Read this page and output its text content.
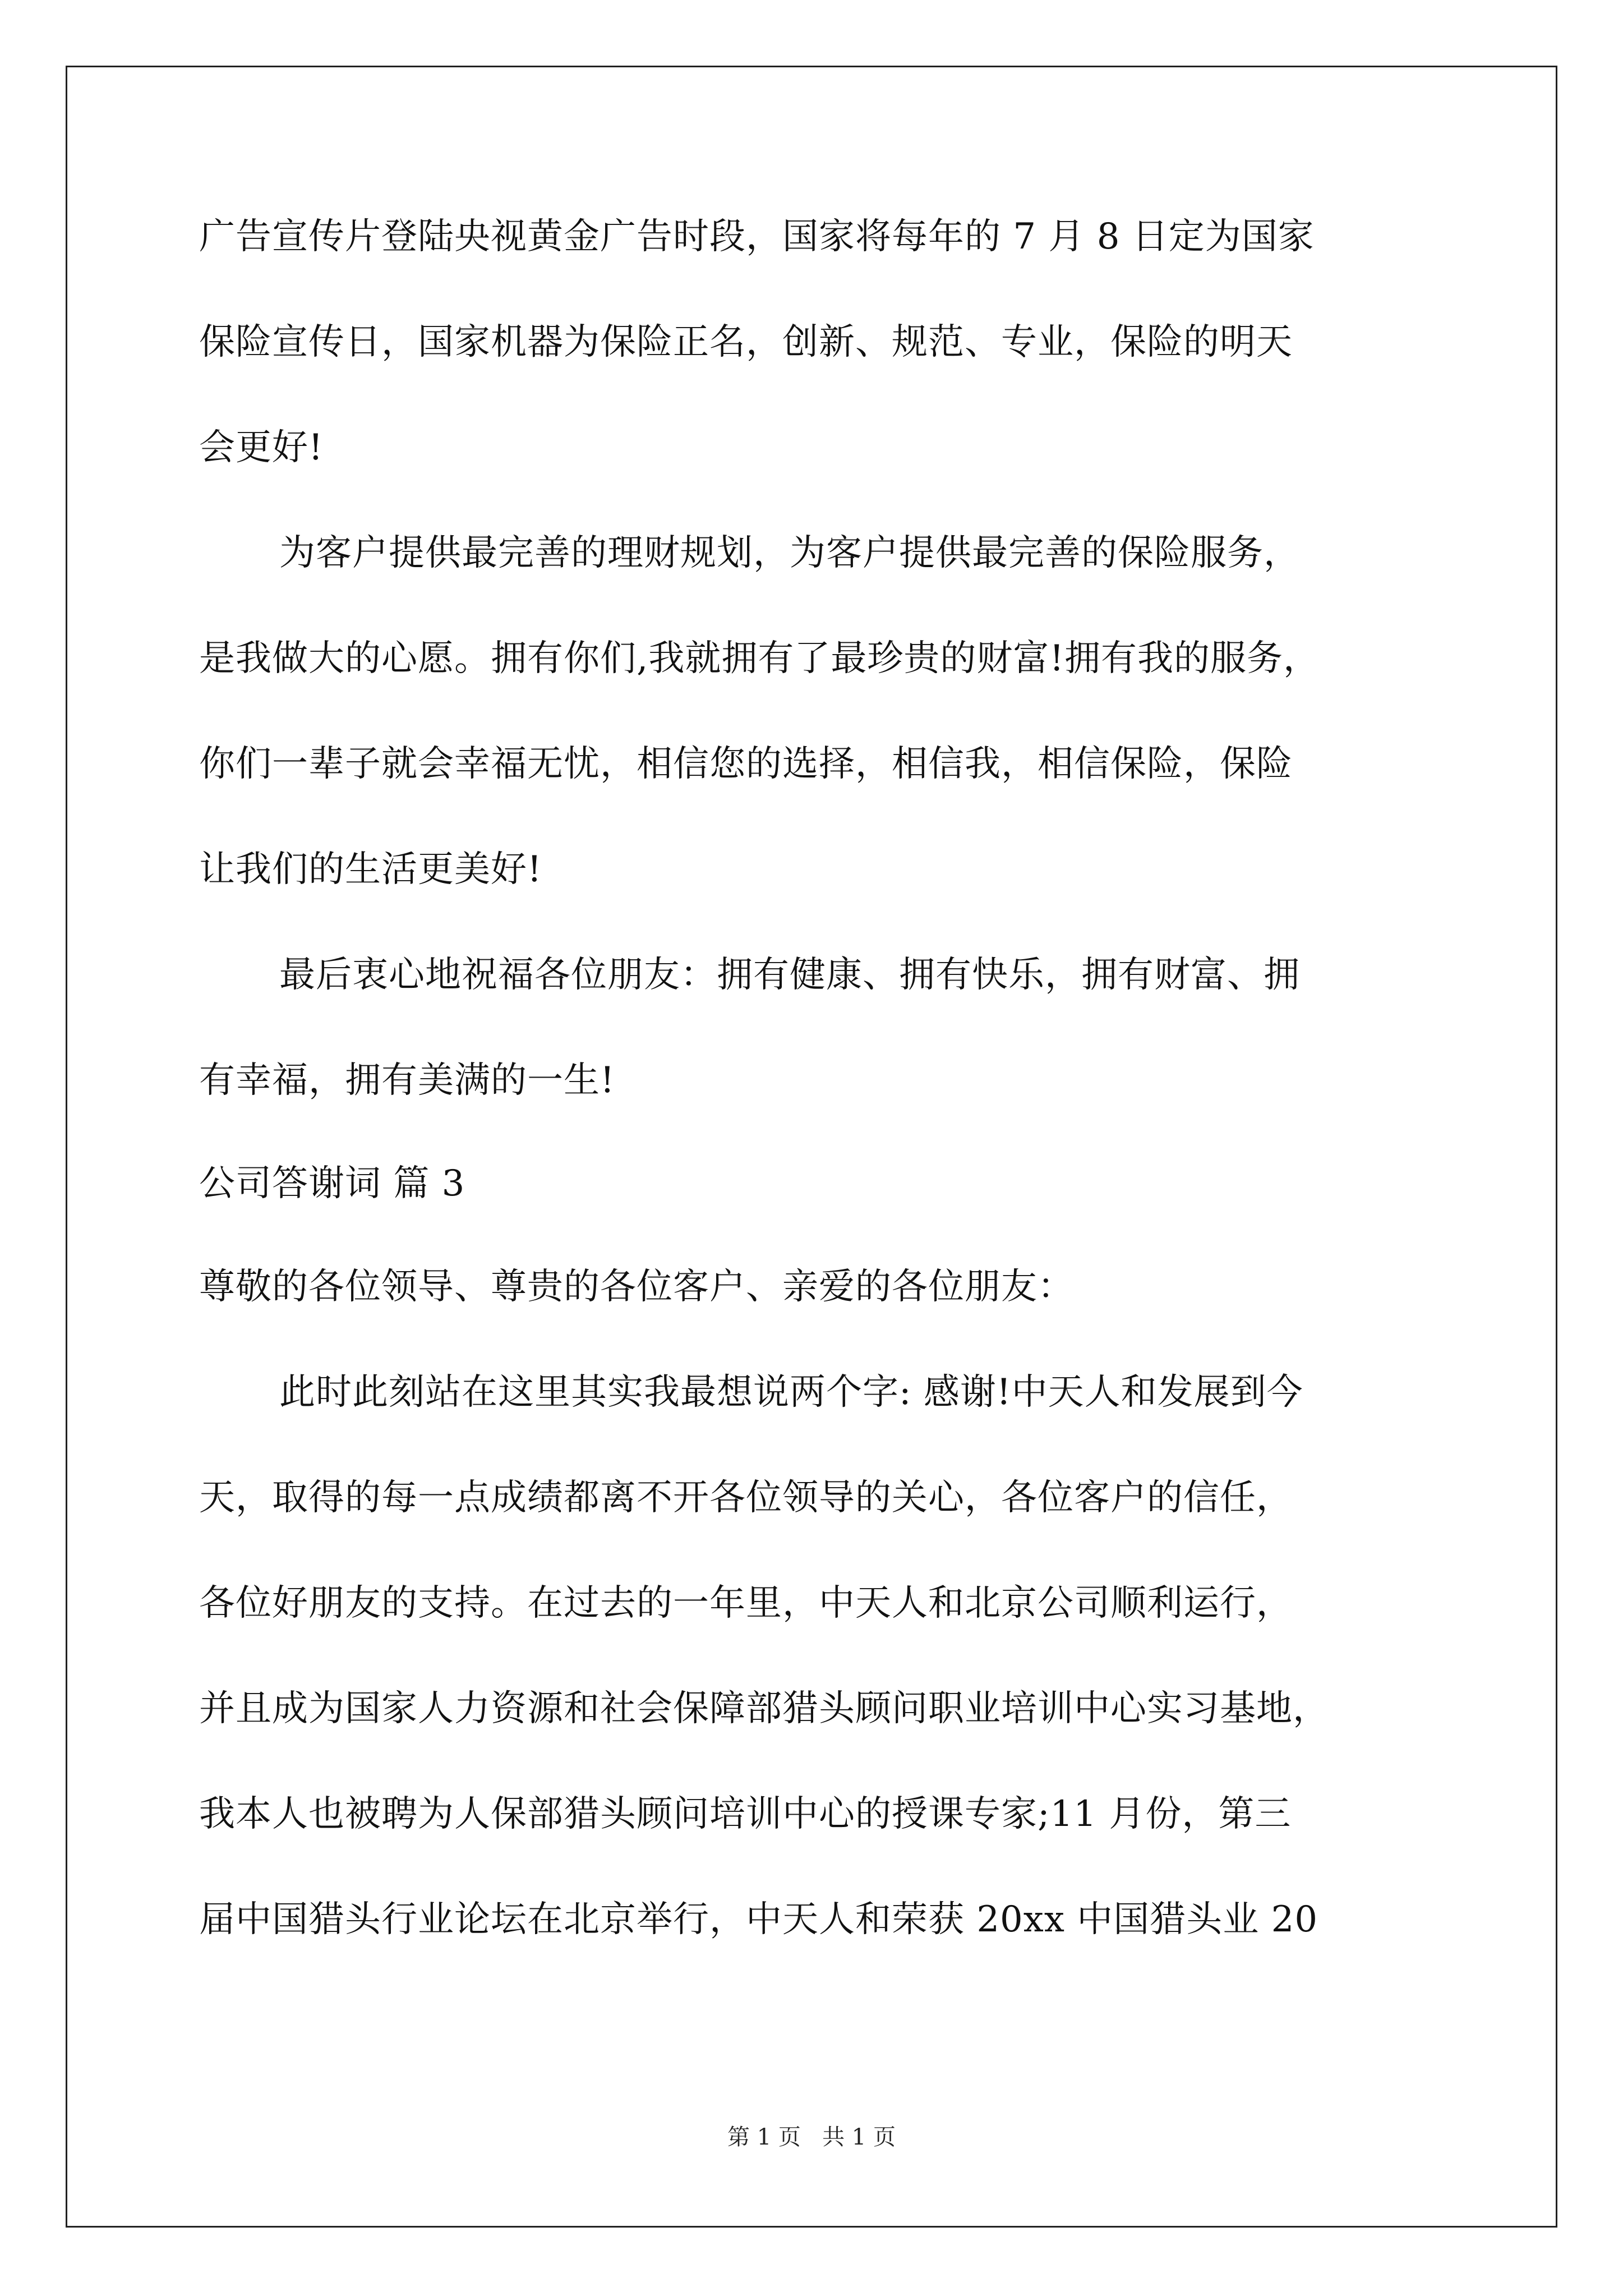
广告宣传片登陆央视黄金广告时段，国家将每年的 7 月 8 日定为国家
保险宣传日，国家机器为保险正名，创新、规范、专业，保险的明天
会更好!
为客户提供最完善的理财规划，为客户提供最完善的保险服务，
是我做大的心愿。拥有你们,我就拥有了最珍贵的财富!拥有我的服务，
你们一辈子就会幸福无忧，相信您的选择，相信我，相信保险，保险
让我们的生活更美好!
最后衷心地祝福各位朋友：拥有健康、拥有快乐，拥有财富、拥
有幸福，拥有美满的一生!
公司答谢词 篇 3
尊敬的各位领导、尊贵的各位客户、亲爱的各位朋友：
此时此刻站在这里其实我最想说两个字: 感谢!中天人和发展到今
天，取得的每一点成绩都离不开各位领导的关心，各位客户的信任，
各位好朋友的支持。在过去的一年里，中天人和北京公司顺利运行，
并且成为国家人力资源和社会保障部猎头顾问职业培训中心实习基地，
我本人也被聘为人保部猎头顾问培训中心的授课专家;11 月份，第三
届中国猎头行业论坛在北京举行，中天人和荣获 20xx 中国猎头业 20
第 1 页   共 1 页
